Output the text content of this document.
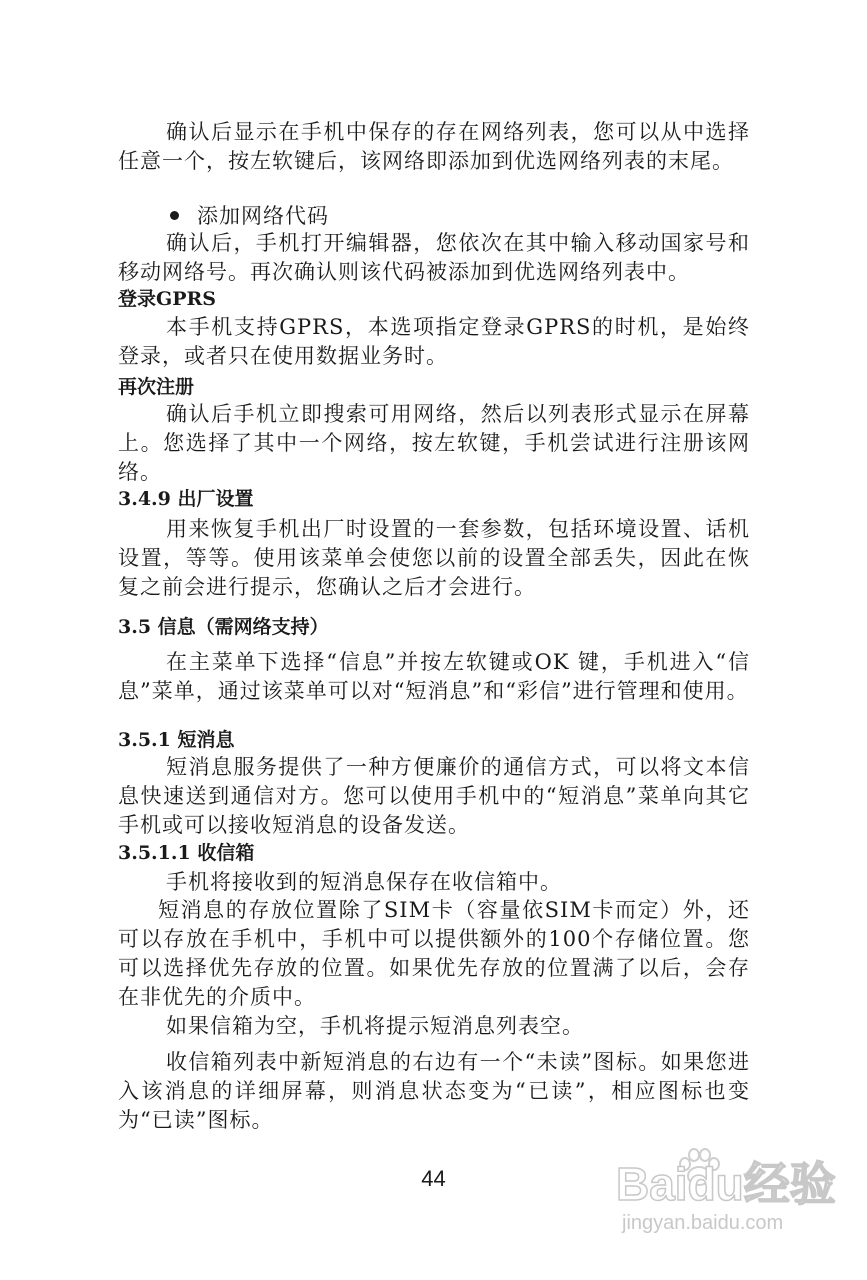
确认后显示在手机中保存的存在网络列表，您可以从中选择任意一个，按左软键后，该网络即添加到优选网络列表的末尾。

添加网络代码

确认后，手机打开编辑器，您依次在其中输入移动国家号和移动网络号。再次确认则该代码被添加到优选网络列表中。

登录GPRS

本手机支持GPRS，本选项指定登录GPRS的时机，是始终登录，或者只在使用数据业务时。

再次注册

确认后手机立即搜索可用网络，然后以列表形式显示在屏幕上。您选择了其中一个网络，按左软键，手机尝试进行注册该网络。

3.4.9 出厂设置

用来恢复手机出厂时设置的一套参数，包括环境设置、话机设置，等等。使用该菜单会使您以前的设置全部丢失，因此在恢复之前会进行提示，您确认之后才会进行。

3.5 信息（需网络支持）

在主菜单下选择“信息”并按左软键或OK 键，手机进入“信息”菜单，通过该菜单可以对“短消息”和“彩信”进行管理和使用。

3.5.1 短消息

短消息服务提供了一种方便廉价的通信方式，可以将文本信息快速送到通信对方。您可以使用手机中的“短消息”菜单向其它手机或可以接收短消息的设备发送。

3.5.1.1 收信箱

手机将接收到的短消息保存在收信箱中。

短消息的存放位置除了SIM卡（容量依SIM卡而定）外，还可以存放在手机中，手机中可以提供额外的100个存储位置。您可以选择优先存放的位置。如果优先存放的位置满了以后，会存在非优先的介质中。

如果信箱为空，手机将提示短消息列表空。

收信箱列表中新短消息的右边有一个“未读”图标。如果您进入该消息的详细屏幕，则消息状态变为“已读”，相应图标也变为“已读”图标。

44	Baidu经验
jingyan.baidu.com
